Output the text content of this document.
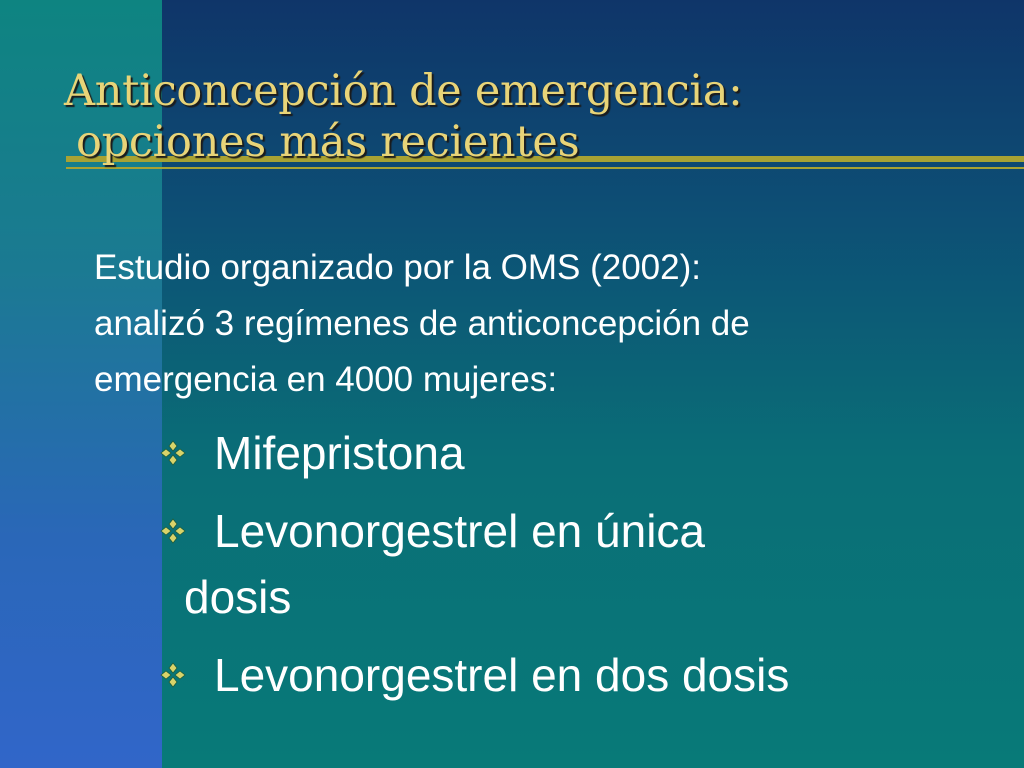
Anticoncepción de emergencia:

opciones más recientes
Estudio organizado por la OMS (2002):
analizó 3 regímenes de anticoncepción de
emergencia en 4000 mujeres:
Mifepristona
Levonorgestrel en única
dosis
Levonorgestrel en dos dosis
